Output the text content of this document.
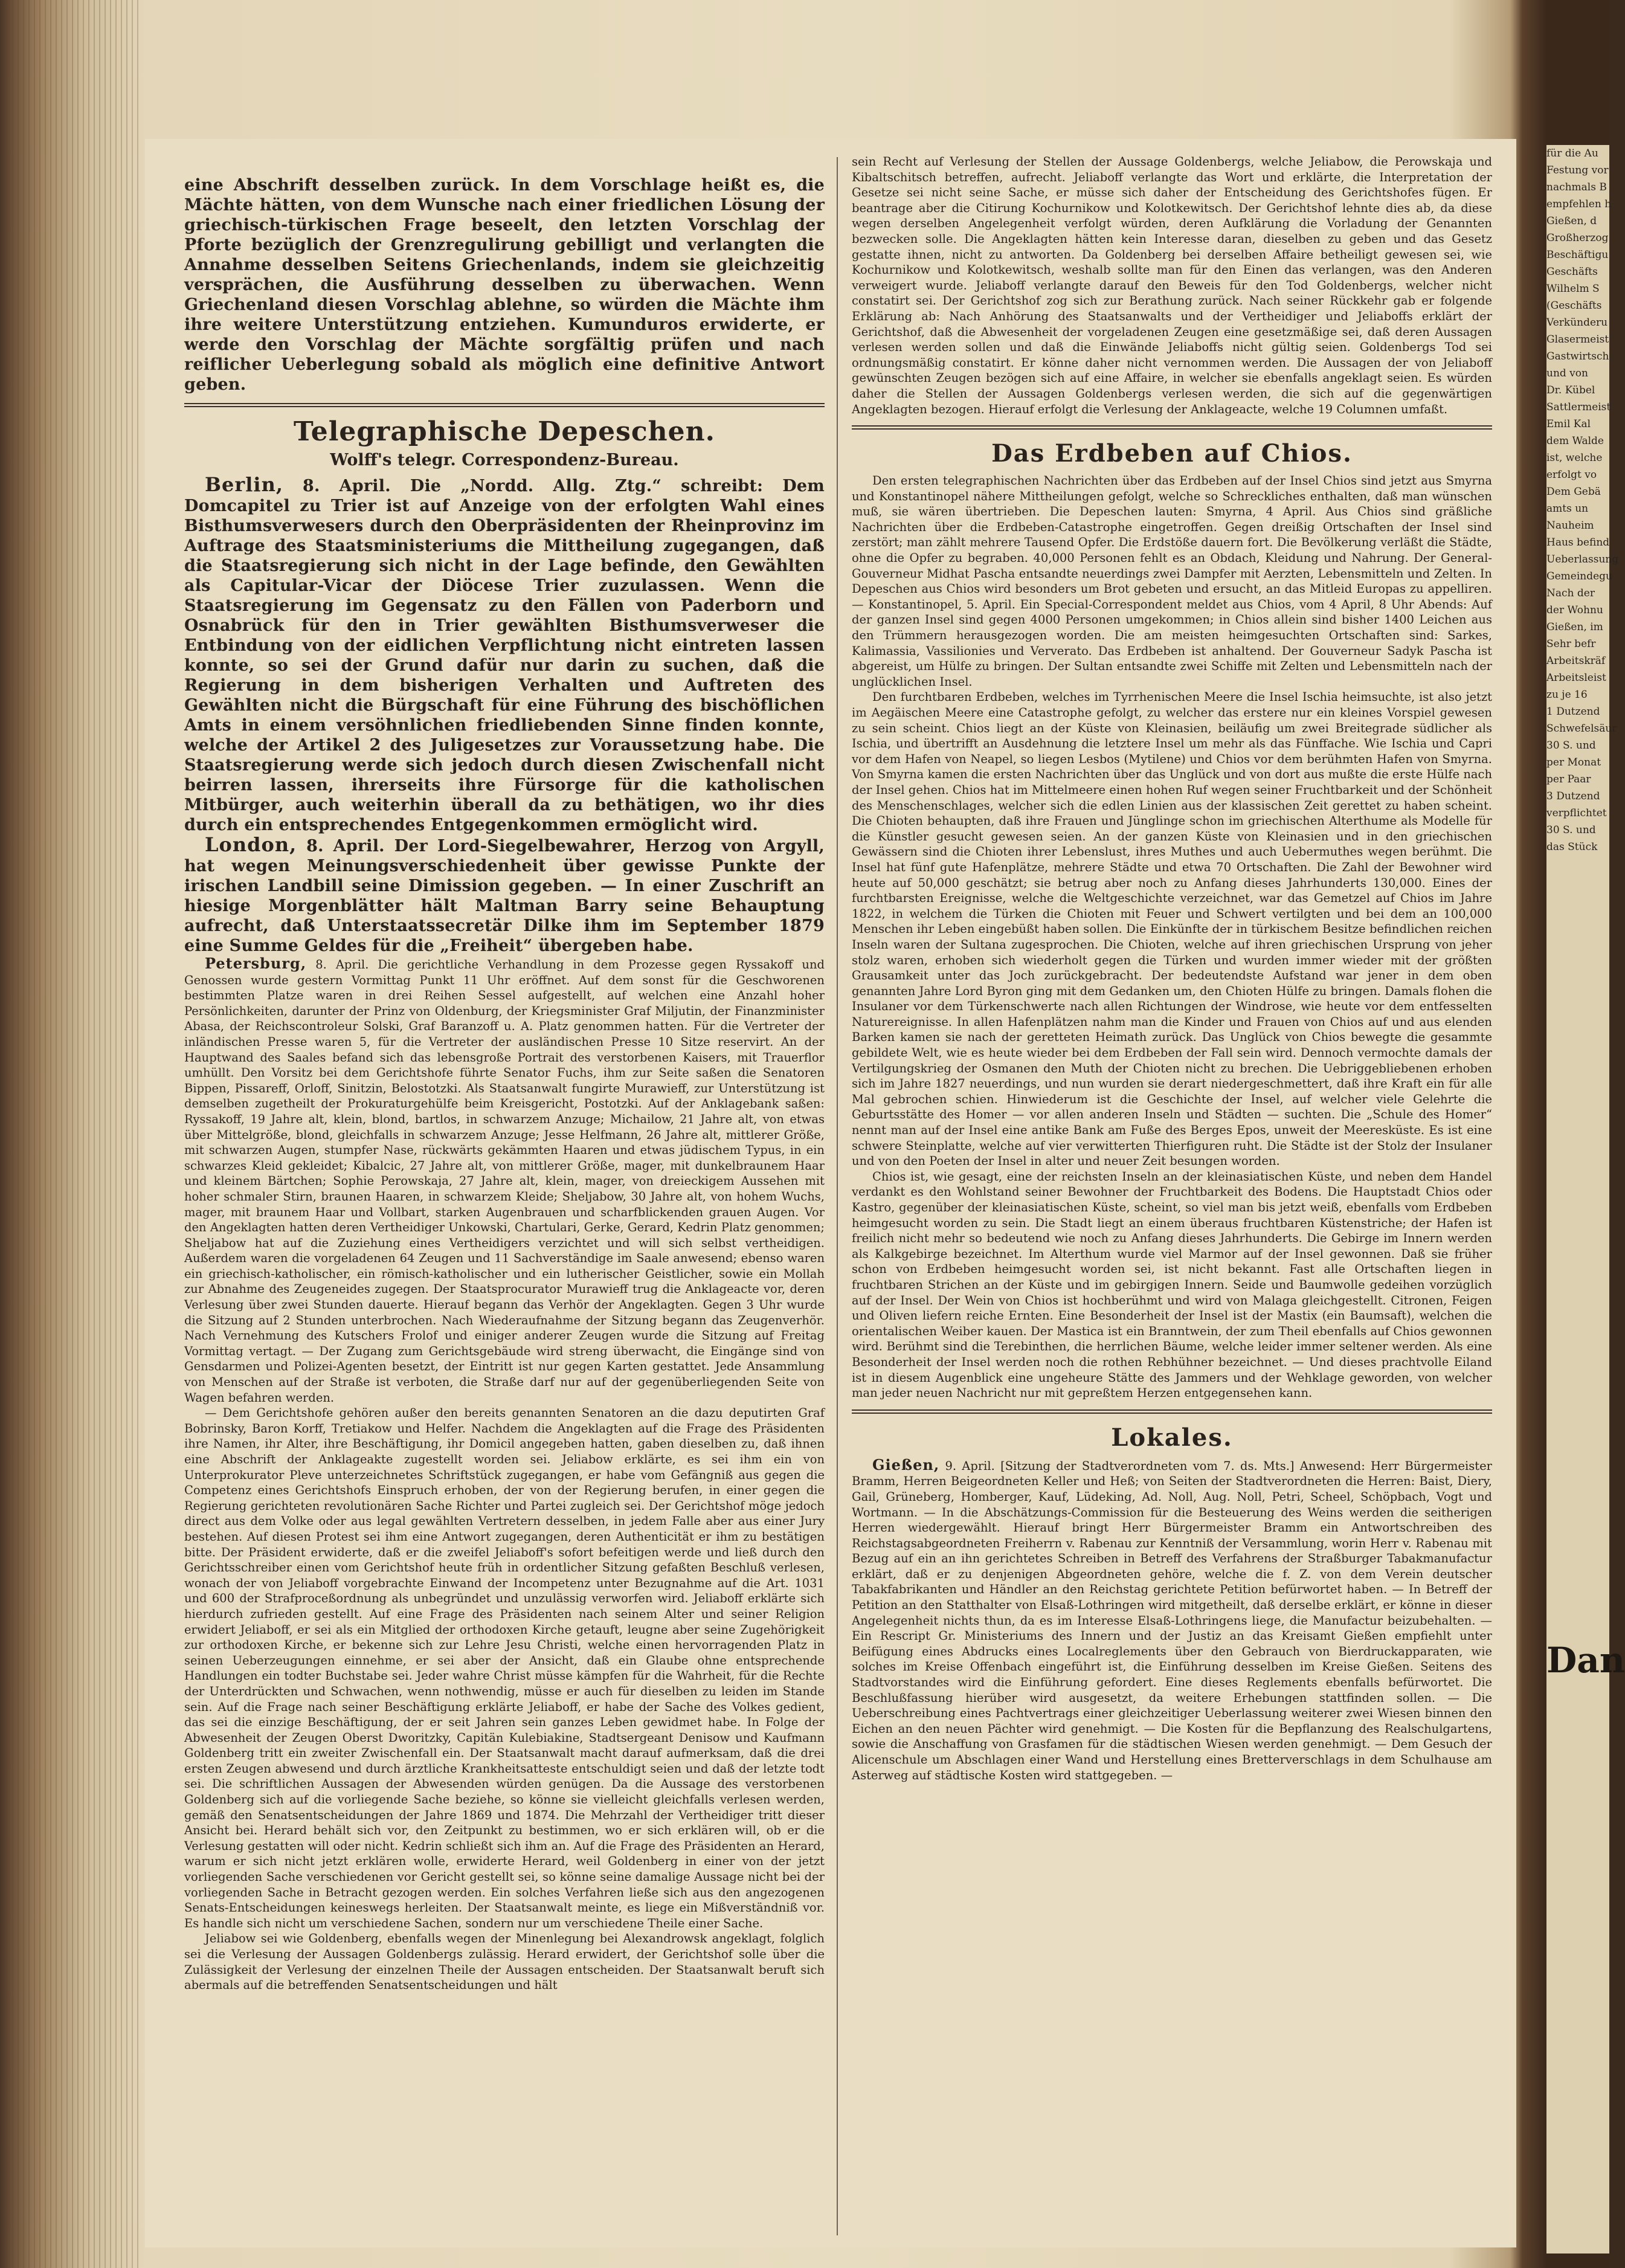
eine Abschrift desselben zurück. In dem Vorschlage heißt es, die Mächte hätten, von dem Wunsche nach einer friedlichen Lösung der griechisch-türkischen Frage beseelt, den letzten Vorschlag der Pforte bezüglich der Grenzregulirung gebilligt und verlangten die Annahme desselben Seitens Griechenlands, indem sie gleichzeitig versprächen, die Ausführung desselben zu überwachen. Wenn Griechenland diesen Vorschlag ablehne, so würden die Mächte ihm ihre weitere Unterstützung entziehen. Kumunduros erwiderte, er werde den Vorschlag der Mächte sorgfältig prüfen und nach reiflicher Ueberlegung sobald als möglich eine definitive Antwort geben.

Telegraphische Depeschen.
Wolff's telegr. Correspondenz-Bureau.

Berlin, 8. April. Die „Nordd. Allg. Ztg.“ schreibt: Dem Domcapitel zu Trier ist auf Anzeige von der erfolgten Wahl eines Bisthumsverwesers durch den Oberpräsidenten der Rheinprovinz im Auftrage des Staatsministeriums die Mittheilung zugegangen, daß die Staatsregierung sich nicht in der Lage befinde, den Gewählten als Capitular-Vicar der Diöcese Trier zuzulassen. Wenn die Staatsregierung im Gegensatz zu den Fällen von Paderborn und Osnabrück für den in Trier gewählten Bisthumsverweser die Entbindung von der eidlichen Verpflichtung nicht eintreten lassen konnte, so sei der Grund dafür nur darin zu suchen, daß die Regierung in dem bisherigen Verhalten und Auftreten des Gewählten nicht die Bürgschaft für eine Führung des bischöflichen Amts in einem versöhnlichen friedliebenden Sinne finden konnte, welche der Artikel 2 des Juligesetzes zur Voraussetzung habe. Die Staatsregierung werde sich jedoch durch diesen Zwischenfall nicht beirren lassen, ihrerseits ihre Fürsorge für die katholischen Mitbürger, auch weiterhin überall da zu bethätigen, wo ihr dies durch ein entsprechendes Entgegenkommen ermöglicht wird.

London, 8. April. Der Lord-Siegelbewahrer, Herzog von Argyll, hat wegen Meinungsverschiedenheit über gewisse Punkte der irischen Landbill seine Dimission gegeben. — In einer Zuschrift an hiesige Morgenblätter hält Maltman Barry seine Behauptung aufrecht, daß Unterstaatssecretär Dilke ihm im September 1879 eine Summe Geldes für die „Freiheit“ übergeben habe.

Petersburg, 8. April. Die gerichtliche Verhandlung in dem Prozesse gegen Ryssakoff und Genossen wurde gestern Vormittag Punkt 11 Uhr eröffnet. Auf dem sonst für die Geschworenen bestimmten Platze waren in drei Reihen Sessel aufgestellt, auf welchen eine Anzahl hoher Persönlichkeiten, darunter der Prinz von Oldenburg, der Kriegsminister Graf Miljutin, der Finanzminister Abasa, der Reichscontroleur Solski, Graf Baranzoff u. A. Platz genommen hatten. Für die Vertreter der inländischen Presse waren 5, für die Vertreter der ausländischen Presse 10 Sitze reservirt. An der Hauptwand des Saales befand sich das lebensgroße Portrait des verstorbenen Kaisers, mit Trauerflor umhüllt. Den Vorsitz bei dem Gerichtshofe führte Senator Fuchs, ihm zur Seite saßen die Senatoren Bippen, Pissareff, Orloff, Sinitzin, Belostotzki. Als Staatsanwalt fungirte Murawieff, zur Unterstützung ist demselben zugetheilt der Prokuraturgehülfe beim Kreisgericht, Postotzki. Auf der Anklagebank saßen: Ryssakoff, 19 Jahre alt, klein, blond, bartlos, in schwarzem Anzuge; Michailow, 21 Jahre alt, von etwas über Mittelgröße, blond, gleichfalls in schwarzem Anzuge; Jesse Helfmann, 26 Jahre alt, mittlerer Größe, mit schwarzen Augen, stumpfer Nase, rückwärts gekämmten Haaren und etwas jüdischem Typus, in ein schwarzes Kleid gekleidet; Kibalcic, 27 Jahre alt, von mittlerer Größe, mager, mit dunkelbraunem Haar und kleinem Bärtchen; Sophie Perowskaja, 27 Jahre alt, klein, mager, von dreieckigem Aussehen mit hoher schmaler Stirn, braunen Haaren, in schwarzem Kleide; Sheljabow, 30 Jahre alt, von hohem Wuchs, mager, mit braunem Haar und Vollbart, starken Augenbrauen und scharfblickenden grauen Augen. Vor den Angeklagten hatten deren Vertheidiger Unkowski, Chartulari, Gerke, Gerard, Kedrin Platz genommen; Sheljabow hat auf die Zuziehung eines Vertheidigers verzichtet und will sich selbst vertheidigen. Außerdem waren die vorgeladenen 64 Zeugen und 11 Sachverständige im Saale anwesend; ebenso waren ein griechisch-katholischer, ein römisch-katholischer und ein lutherischer Geistlicher, sowie ein Mollah zur Abnahme des Zeugeneides zugegen. Der Staatsprocurator Murawieff trug die Anklageacte vor, deren Verlesung über zwei Stunden dauerte. Hierauf begann das Verhör der Angeklagten. Gegen 3 Uhr wurde die Sitzung auf 2 Stunden unterbrochen. Nach Wiederaufnahme der Sitzung begann das Zeugenverhör. Nach Vernehmung des Kutschers Frolof und einiger anderer Zeugen wurde die Sitzung auf Freitag Vormittag vertagt. — Der Zugang zum Gerichtsgebäude wird streng überwacht, die Eingänge sind von Gensdarmen und Polizei-Agenten besetzt, der Eintritt ist nur gegen Karten gestattet. Jede Ansammlung von Menschen auf der Straße ist verboten, die Straße darf nur auf der gegenüberliegenden Seite von Wagen befahren werden.

— Dem Gerichtshofe gehören außer den bereits genannten Senatoren an die dazu deputirten Graf Bobrinsky, Baron Korff, Tretiakow und Helfer. Nachdem die Angeklagten auf die Frage des Präsidenten ihre Namen, ihr Alter, ihre Beschäftigung, ihr Domicil angegeben hatten, gaben dieselben zu, daß ihnen eine Abschrift der Anklageakte zugestellt worden sei. Jeliabow erklärte, es sei ihm ein von Unterprokurator Pleve unterzeichnetes Schriftstück zugegangen, er habe vom Gefängniß aus gegen die Competenz eines Gerichtshofs Einspruch erhoben, der von der Regierung berufen, in einer gegen die Regierung gerichteten revolutionären Sache Richter und Partei zugleich sei. Der Gerichtshof möge jedoch direct aus dem Volke oder aus legal gewählten Vertretern desselben, in jedem Falle aber aus einer Jury bestehen. Auf diesen Protest sei ihm eine Antwort zugegangen, deren Authenticität er ihm zu bestätigen bitte. Der Präsident erwiderte, daß er die zweifel Jeliaboff's sofort befeitigen werde und ließ durch den Gerichtsschreiber einen vom Gerichtshof heute früh in ordentlicher Sitzung gefaßten Beschluß verlesen, wonach der von Jeliaboff vorgebrachte Einwand der Incompetenz unter Bezugnahme auf die Art. 1031 und 600 der Strafproceßordnung als unbegründet und unzulässig verworfen wird. Jeliaboff erklärte sich hierdurch zufrieden gestellt. Auf eine Frage des Präsidenten nach seinem Alter und seiner Religion erwidert Jeliaboff, er sei als ein Mitglied der orthodoxen Kirche getauft, leugne aber seine Zugehörigkeit zur orthodoxen Kirche, er bekenne sich zur Lehre Jesu Christi, welche einen hervorragenden Platz in seinen Ueberzeugungen einnehme, er sei aber der Ansicht, daß ein Glaube ohne entsprechende Handlungen ein todter Buchstabe sei. Jeder wahre Christ müsse kämpfen für die Wahrheit, für die Rechte der Unterdrückten und Schwachen, wenn nothwendig, müsse er auch für dieselben zu leiden im Stande sein. Auf die Frage nach seiner Beschäftigung erklärte Jeliaboff, er habe der Sache des Volkes gedient, das sei die einzige Beschäftigung, der er seit Jahren sein ganzes Leben gewidmet habe. In Folge der Abwesenheit der Zeugen Oberst Dworitzky, Capitän Kulebiakine, Stadtsergeant Denisow und Kaufmann Goldenberg tritt ein zweiter Zwischenfall ein. Der Staatsanwalt macht darauf aufmerksam, daß die drei ersten Zeugen abwesend und durch ärztliche Krankheitsatteste entschuldigt seien und daß der letzte todt sei. Die schriftlichen Aussagen der Abwesenden würden genügen. Da die Aussage des verstorbenen Goldenberg sich auf die vorliegende Sache beziehe, so könne sie vielleicht gleichfalls verlesen werden, gemäß den Senatsentscheidungen der Jahre 1869 und 1874. Die Mehrzahl der Vertheidiger tritt dieser Ansicht bei. Herard behält sich vor, den Zeitpunkt zu bestimmen, wo er sich erklären will, ob er die Verlesung gestatten will oder nicht. Kedrin schließt sich ihm an. Auf die Frage des Präsidenten an Herard, warum er sich nicht jetzt erklären wolle, erwiderte Herard, weil Goldenberg in einer von der jetzt vorliegenden Sache verschiedenen vor Gericht gestellt sei, so könne seine damalige Aussage nicht bei der vorliegenden Sache in Betracht gezogen werden. Ein solches Verfahren ließe sich aus den angezogenen Senats-Entscheidungen keineswegs herleiten. Der Staatsanwalt meinte, es liege ein Mißverständniß vor. Es handle sich nicht um verschiedene Sachen, sondern nur um verschiedene Theile einer Sache.

Jeliabow sei wie Goldenberg, ebenfalls wegen der Minenlegung bei Alexandrowsk angeklagt, folglich sei die Verlesung der Aussagen Goldenbergs zulässig. Herard erwidert, der Gerichtshof solle über die Zulässigkeit der Verlesung der einzelnen Theile der Aussagen entscheiden. Der Staatsanwalt beruft sich abermals auf die betreffenden Senatsentscheidungen und hält

sein Recht auf Verlesung der Stellen der Aussage Goldenbergs, welche Jeliabow, die Perowskaja und Kibaltschitsch betreffen, aufrecht. Jeliaboff verlangte das Wort und erklärte, die Interpretation der Gesetze sei nicht seine Sache, er müsse sich daher der Entscheidung des Gerichtshofes fügen. Er beantrage aber die Citirung Kochurnikow und Kolotkewitsch. Der Gerichtshof lehnte dies ab, da diese wegen derselben Angelegenheit verfolgt würden, deren Aufklärung die Vorladung der Genannten bezwecken solle. Die Angeklagten hätten kein Interesse daran, dieselben zu geben und das Gesetz gestatte ihnen, nicht zu antworten. Da Goldenberg bei derselben Affaire betheiligt gewesen sei, wie Kochurnikow und Kolotkewitsch, weshalb sollte man für den Einen das verlangen, was den Anderen verweigert wurde. Jeliaboff verlangte darauf den Beweis für den Tod Goldenbergs, welcher nicht constatirt sei. Der Gerichtshof zog sich zur Berathung zurück. Nach seiner Rückkehr gab er folgende Erklärung ab: Nach Anhörung des Staatsanwalts und der Vertheidiger und Jeliaboffs erklärt der Gerichtshof, daß die Abwesenheit der vorgeladenen Zeugen eine gesetzmäßige sei, daß deren Aussagen verlesen werden sollen und daß die Einwände Jeliaboffs nicht gültig seien. Goldenbergs Tod sei ordnungsmäßig constatirt. Er könne daher nicht vernommen werden. Die Aussagen der von Jeliaboff gewünschten Zeugen bezögen sich auf eine Affaire, in welcher sie ebenfalls angeklagt seien. Es würden daher die Stellen der Aussagen Goldenbergs verlesen werden, die sich auf die gegenwärtigen Angeklagten bezogen. Hierauf erfolgt die Verlesung der Anklageacte, welche 19 Columnen umfaßt.

Das Erdbeben auf Chios.

Den ersten telegraphischen Nachrichten über das Erdbeben auf der Insel Chios sind jetzt aus Smyrna und Konstantinopel nähere Mittheilungen gefolgt, welche so Schreckliches enthalten, daß man wünschen muß, sie wären übertrieben. Die Depeschen lauten: Smyrna, 4 April. Aus Chios sind gräßliche Nachrichten über die Erdbeben-Catastrophe eingetroffen. Gegen dreißig Ortschaften der Insel sind zerstört; man zählt mehrere Tausend Opfer. Die Erdstöße dauern fort. Die Bevölkerung verläßt die Städte, ohne die Opfer zu begraben. 40,000 Personen fehlt es an Obdach, Kleidung und Nahrung. Der General-Gouverneur Midhat Pascha entsandte neuerdings zwei Dampfer mit Aerzten, Lebensmitteln und Zelten. In Depeschen aus Chios wird besonders um Brot gebeten und ersucht, an das Mitleid Europas zu appelliren. — Konstantinopel, 5. April. Ein Special-Correspondent meldet aus Chios, vom 4 April, 8 Uhr Abends: Auf der ganzen Insel sind gegen 4000 Personen umgekommen; in Chios allein sind bisher 1400 Leichen aus den Trümmern herausgezogen worden. Die am meisten heimgesuchten Ortschaften sind: Sarkes, Kalimassia, Vassilionies und Ververato. Das Erdbeben ist anhaltend. Der Gouverneur Sadyk Pascha ist abgereist, um Hülfe zu bringen. Der Sultan entsandte zwei Schiffe mit Zelten und Lebensmitteln nach der unglücklichen Insel.

Den furchtbaren Erdbeben, welches im Tyrrhenischen Meere die Insel Ischia heimsuchte, ist also jetzt im Aegäischen Meere eine Catastrophe gefolgt, zu welcher das erstere nur ein kleines Vorspiel gewesen zu sein scheint. Chios liegt an der Küste von Kleinasien, beiläufig um zwei Breitegrade südlicher als Ischia, und übertrifft an Ausdehnung die letztere Insel um mehr als das Fünffache. Wie Ischia und Capri vor dem Hafen von Neapel, so liegen Lesbos (Mytilene) und Chios vor dem berühmten Hafen von Smyrna. Von Smyrna kamen die ersten Nachrichten über das Unglück und von dort aus mußte die erste Hülfe nach der Insel gehen. Chios hat im Mittelmeere einen hohen Ruf wegen seiner Fruchtbarkeit und der Schönheit des Menschenschlages, welcher sich die edlen Linien aus der klassischen Zeit gerettet zu haben scheint. Die Chioten behaupten, daß ihre Frauen und Jünglinge schon im griechischen Alterthume als Modelle für die Künstler gesucht gewesen seien. An der ganzen Küste von Kleinasien und in den griechischen Gewässern sind die Chioten ihrer Lebenslust, ihres Muthes und auch Uebermuthes wegen berühmt. Die Insel hat fünf gute Hafenplätze, mehrere Städte und etwa 70 Ortschaften. Die Zahl der Bewohner wird heute auf 50,000 geschätzt; sie betrug aber noch zu Anfang dieses Jahrhunderts 130,000. Eines der furchtbarsten Ereignisse, welche die Weltgeschichte verzeichnet, war das Gemetzel auf Chios im Jahre 1822, in welchem die Türken die Chioten mit Feuer und Schwert vertilgten und bei dem an 100,000 Menschen ihr Leben eingebüßt haben sollen. Die Einkünfte der in türkischem Besitze befindlichen reichen Inseln waren der Sultana zugesprochen. Die Chioten, welche auf ihren griechischen Ursprung von jeher stolz waren, erhoben sich wiederholt gegen die Türken und wurden immer wieder mit der größten Grausamkeit unter das Joch zurückgebracht. Der bedeutendste Aufstand war jener in dem oben genannten Jahre Lord Byron ging mit dem Gedanken um, den Chioten Hülfe zu bringen. Damals flohen die Insulaner vor dem Türkenschwerte nach allen Richtungen der Windrose, wie heute vor dem entfesselten Naturereignisse. In allen Hafenplätzen nahm man die Kinder und Frauen von Chios auf und aus elenden Barken kamen sie nach der geretteten Heimath zurück. Das Unglück von Chios bewegte die gesammte gebildete Welt, wie es heute wieder bei dem Erdbeben der Fall sein wird. Dennoch vermochte damals der Vertilgungskrieg der Osmanen den Muth der Chioten nicht zu brechen. Die Uebriggebliebenen erhoben sich im Jahre 1827 neuerdings, und nun wurden sie derart niedergeschmettert, daß ihre Kraft ein für alle Mal gebrochen schien. Hinwiederum ist die Geschichte der Insel, auf welcher viele Gelehrte die Geburtsstätte des Homer — vor allen anderen Inseln und Städten — suchten. Die „Schule des Homer“ nennt man auf der Insel eine antike Bank am Fuße des Berges Epos, unweit der Meeresküste. Es ist eine schwere Steinplatte, welche auf vier verwitterten Thierfiguren ruht. Die Städte ist der Stolz der Insulaner und von den Poeten der Insel in alter und neuer Zeit besungen worden.

Chios ist, wie gesagt, eine der reichsten Inseln an der kleinasiatischen Küste, und neben dem Handel verdankt es den Wohlstand seiner Bewohner der Fruchtbarkeit des Bodens. Die Hauptstadt Chios oder Kastro, gegenüber der kleinasiatischen Küste, scheint, so viel man bis jetzt weiß, ebenfalls vom Erdbeben heimgesucht worden zu sein. Die Stadt liegt an einem überaus fruchtbaren Küstenstriche; der Hafen ist freilich nicht mehr so bedeutend wie noch zu Anfang dieses Jahrhunderts. Die Gebirge im Innern werden als Kalkgebirge bezeichnet. Im Alterthum wurde viel Marmor auf der Insel gewonnen. Daß sie früher schon von Erdbeben heimgesucht worden sei, ist nicht bekannt. Fast alle Ortschaften liegen in fruchtbaren Strichen an der Küste und im gebirgigen Innern. Seide und Baumwolle gedeihen vorzüglich auf der Insel. Der Wein von Chios ist hochberühmt und wird von Malaga gleichgestellt. Citronen, Feigen und Oliven liefern reiche Ernten. Eine Besonderheit der Insel ist der Mastix (ein Baumsaft), welchen die orientalischen Weiber kauen. Der Mastica ist ein Branntwein, der zum Theil ebenfalls auf Chios gewonnen wird. Berühmt sind die Terebinthen, die herrlichen Bäume, welche leider immer seltener werden. Als eine Besonderheit der Insel werden noch die rothen Rebhühner bezeichnet. — Und dieses prachtvolle Eiland ist in diesem Augenblick eine ungeheure Stätte des Jammers und der Wehklage geworden, von welcher man jeder neuen Nachricht nur mit gepreßtem Herzen entgegensehen kann.

Lokales.

Gießen, 9. April. [Sitzung der Stadtverordneten vom 7. ds. Mts.] Anwesend: Herr Bürgermeister Bramm, Herren Beigeordneten Keller und Heß; von Seiten der Stadtverordneten die Herren: Baist, Diery, Gail, Grüneberg, Homberger, Kauf, Lüdeking, Ad. Noll, Aug. Noll, Petri, Scheel, Schöpbach, Vogt und Wortmann. — In die Abschätzungs-Commission für die Besteuerung des Weins werden die seitherigen Herren wiedergewählt. Hierauf bringt Herr Bürgermeister Bramm ein Antwortschreiben des Reichstagsabgeordneten Freiherrn v. Rabenau zur Kenntniß der Versammlung, worin Herr v. Rabenau mit Bezug auf ein an ihn gerichtetes Schreiben in Betreff des Verfahrens der Straßburger Tabakmanufactur erklärt, daß er zu denjenigen Abgeordneten gehöre, welche die f. Z. von dem Verein deutscher Tabakfabrikanten und Händler an den Reichstag gerichtete Petition befürwortet haben. — In Betreff der Petition an den Statthalter von Elsaß-Lothringen wird mitgetheilt, daß derselbe erklärt, er könne in dieser Angelegenheit nichts thun, da es im Interesse Elsaß-Lothringens liege, die Manufactur beizubehalten. — Ein Rescript Gr. Ministeriums des Innern und der Justiz an das Kreisamt Gießen empfiehlt unter Beifügung eines Abdrucks eines Localreglements über den Gebrauch von Bierdruckapparaten, wie solches im Kreise Offenbach eingeführt ist, die Einführung desselben im Kreise Gießen. Seitens des Stadtvorstandes wird die Einführung gefordert. Eine dieses Reglements ebenfalls befürwortet. Die Beschlußfassung hierüber wird ausgesetzt, da weitere Erhebungen stattfinden sollen. — Die Ueberschreibung eines Pachtvertrags einer gleichzeitiger Ueberlassung weiterer zwei Wiesen binnen den Eichen an den neuen Pächter wird genehmigt. — Die Kosten für die Bepflanzung des Realschulgartens, sowie die Anschaffung von Grasfamen für die städtischen Wiesen werden genehmigt. — Dem Gesuch der Alicenschule um Abschlagen einer Wand und Herstellung eines Bretterverschlags in dem Schulhause am Asterweg auf städtische Kosten wird stattgegeben. —

für die Au
Festung vor
nachmals B
empfehlen h
Gießen, d
Großherzog
Beschäftigu
Geschäfts
Wilhelm S
(Geschäfts
Verkünderu
Glasermeist
Gastwirtsch
und von
Dr. Kübel
Sattlermeist
Emil Kal
dem Walde
ist, welche
erfolgt vo
Dem Gebä
amts un
Nauheim
Haus befind
Ueberlassung
Gemeindegu
Nach der
der Wohnu
Gießen, im
Sehr befr
Arbeitskräf
Arbeitsleist
zu je 16
1 Dutzend
Schwefelsäur
30 S. und
per Monat
per Paar
3 Dutzend
verpflichtet
30 S. und
das Stück
Dan
